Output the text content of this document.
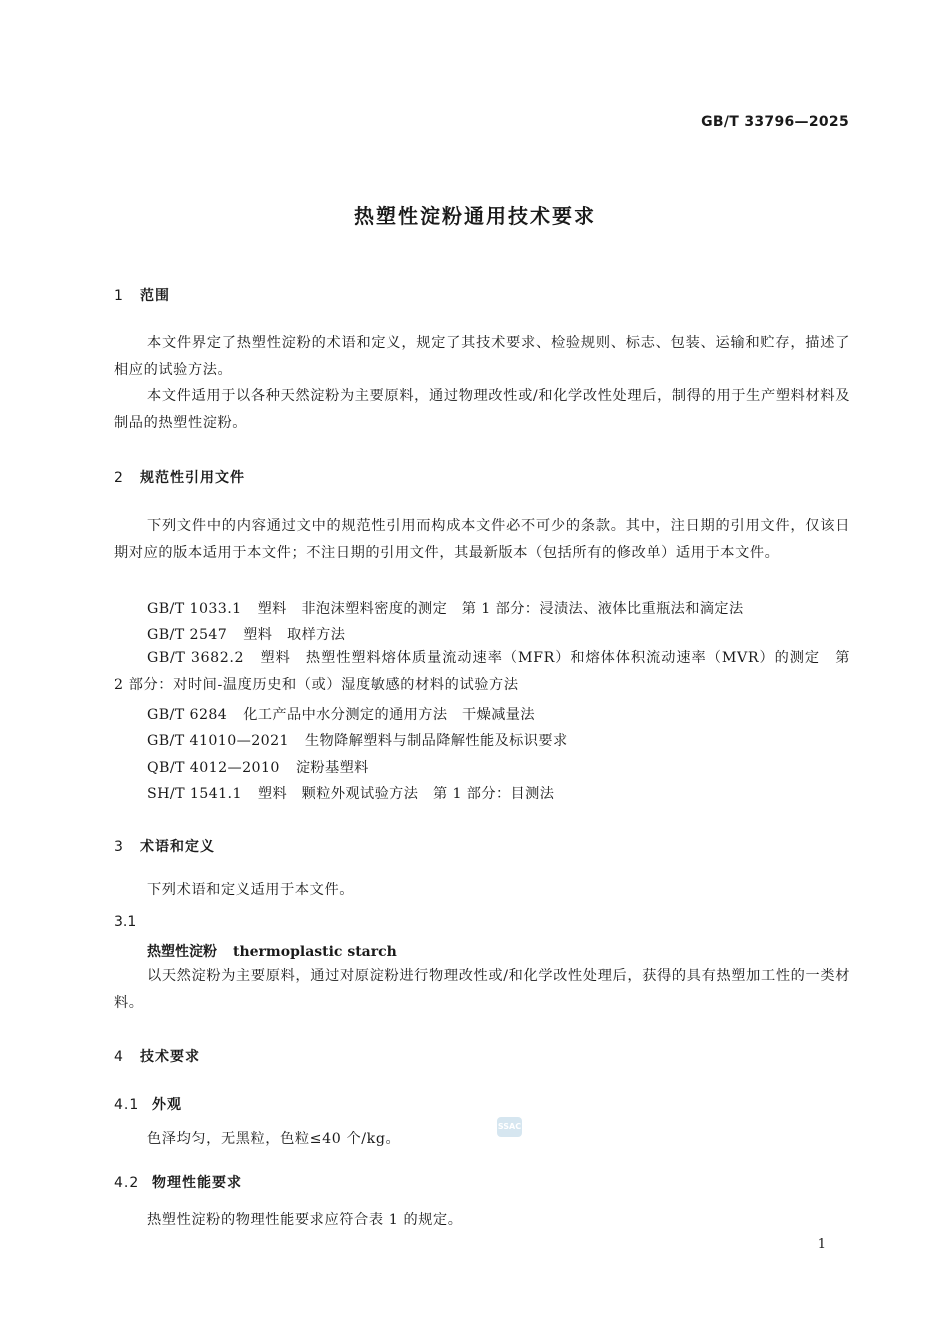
GB/T 33796—2025
热塑性淀粉通用技术要求
1 范围
本文件界定了热塑性淀粉的术语和定义，规定了其技术要求、检验规则、标志、包装、运输和贮存，描述了相应的试验方法。
本文件适用于以各种天然淀粉为主要原料，通过物理改性或/和化学改性处理后，制得的用于生产塑料材料及制品的热塑性淀粉。
2 规范性引用文件
下列文件中的内容通过文中的规范性引用而构成本文件必不可少的条款。其中，注日期的引用文件，仅该日期对应的版本适用于本文件；不注日期的引用文件，其最新版本（包括所有的修改单）适用于本文件。
GB/T 1033.1 塑料　非泡沫塑料密度的测定　第 1 部分：浸渍法、液体比重瓶法和滴定法
GB/T 2547 塑料　取样方法
GB/T 3682.2 塑料　热塑性塑料熔体质量流动速率（MFR）和熔体体积流动速率（MVR）的测定　第 2 部分：对时间-温度历史和（或）湿度敏感的材料的试验方法
GB/T 6284 化工产品中水分测定的通用方法　干燥减量法
GB/T 41010—2021 生物降解塑料与制品降解性能及标识要求
QB/T 4012—2010 淀粉基塑料
SH/T 1541.1 塑料　颗粒外观试验方法　第 1 部分：目测法
3 术语和定义
下列术语和定义适用于本文件。
3.1
热塑性淀粉 thermoplastic starch
以天然淀粉为主要原料，通过对原淀粉进行物理改性或/和化学改性处理后，获得的具有热塑加工性的一类材料。
4 技术要求
4.1 外观
色泽均匀，无黑粒，色粒≤40 个/kg。
SSAC
4.2 物理性能要求
热塑性淀粉的物理性能要求应符合表 1 的规定。
1
